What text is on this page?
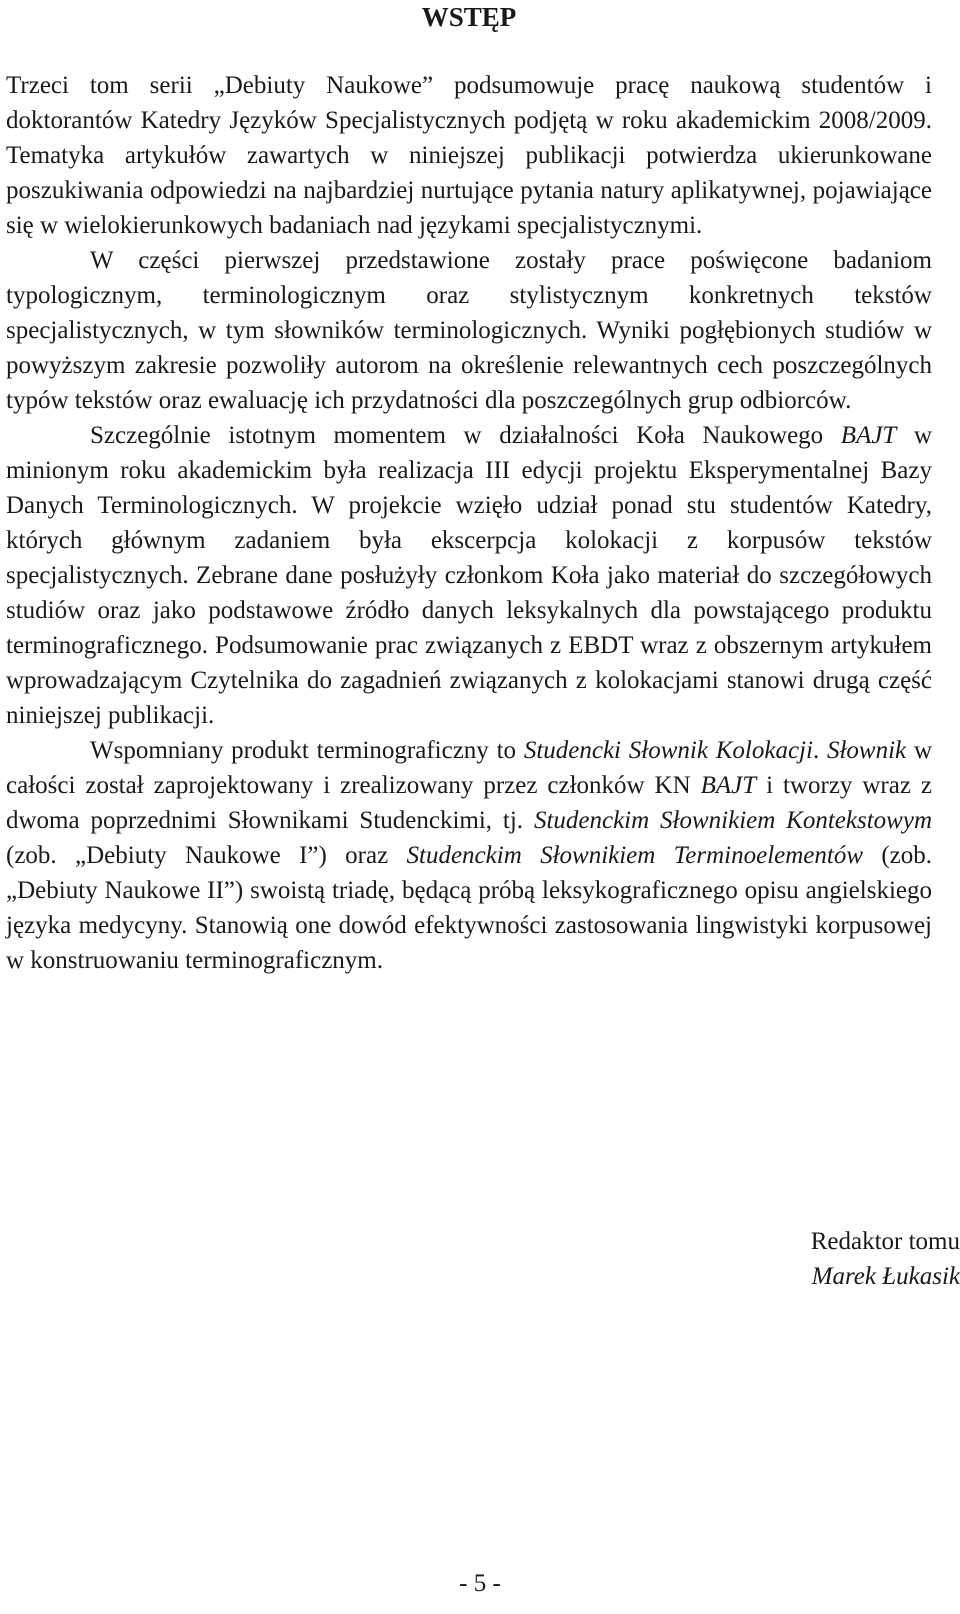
WSTĘP

Trzeci tom serii „Debiuty Naukowe” podsumowuje pracę naukową studentów i doktorantów Katedry Języków Specjalistycznych podjętą w roku akademickim 2008/2009. Tematyka artykułów zawartych w niniejszej publikacji potwierdza ukierunkowane poszukiwania odpowiedzi na najbardziej nurtujące pytania natury aplikatywnej, pojawiające się w wielokierunkowych badaniach nad językami specjalistycznymi.

W części pierwszej przedstawione zostały prace poświęcone badaniom typologicznym, terminologicznym oraz stylistycznym konkretnych tekstów specjalistycznych, w tym słowników terminologicznych. Wyniki pogłębionych studiów w powyższym zakresie pozwoliły autorom na określenie relewantnych cech poszczególnych typów tekstów oraz ewaluację ich przydatności dla poszczególnych grup odbiorców.

Szczególnie istotnym momentem w działalności Koła Naukowego BAJT w minionym roku akademickim była realizacja III edycji projektu Eksperymentalnej Bazy Danych Terminologicznych. W projekcie wzięło udział ponad stu studentów Katedry, których głównym zadaniem była ekscerpcja kolokacji z korpusów tekstów specjalistycznych. Zebrane dane posłużyły członkom Koła jako materiał do szczegółowych studiów oraz jako podstawowe źródło danych leksykalnych dla powstającego produktu terminograficznego. Podsumowanie prac związanych z EBDT wraz z obszernym artykułem wprowadzającym Czytelnika do zagadnień związanych z kolokacjami stanowi drugą część niniejszej publikacji.

Wspomniany produkt terminograficzny to Studencki Słownik Kolokacji. Słownik w całości został zaprojektowany i zrealizowany przez członków KN BAJT i tworzy wraz z dwoma poprzednimi Słownikami Studenckimi, tj. Studenckim Słownikiem Kontekstowym (zob. „Debiuty Naukowe I”) oraz Studenckim Słownikiem Terminoelementów (zob. „Debiuty Naukowe II”) swoistą triadę, będącą próbą leksykograficznego opisu angielskiego języka medycyny. Stanowią one dowód efektywności zastosowania lingwistyki korpusowej w konstruowaniu terminograficznym.

Redaktor tomu
Marek Łukasik
- 5 -
